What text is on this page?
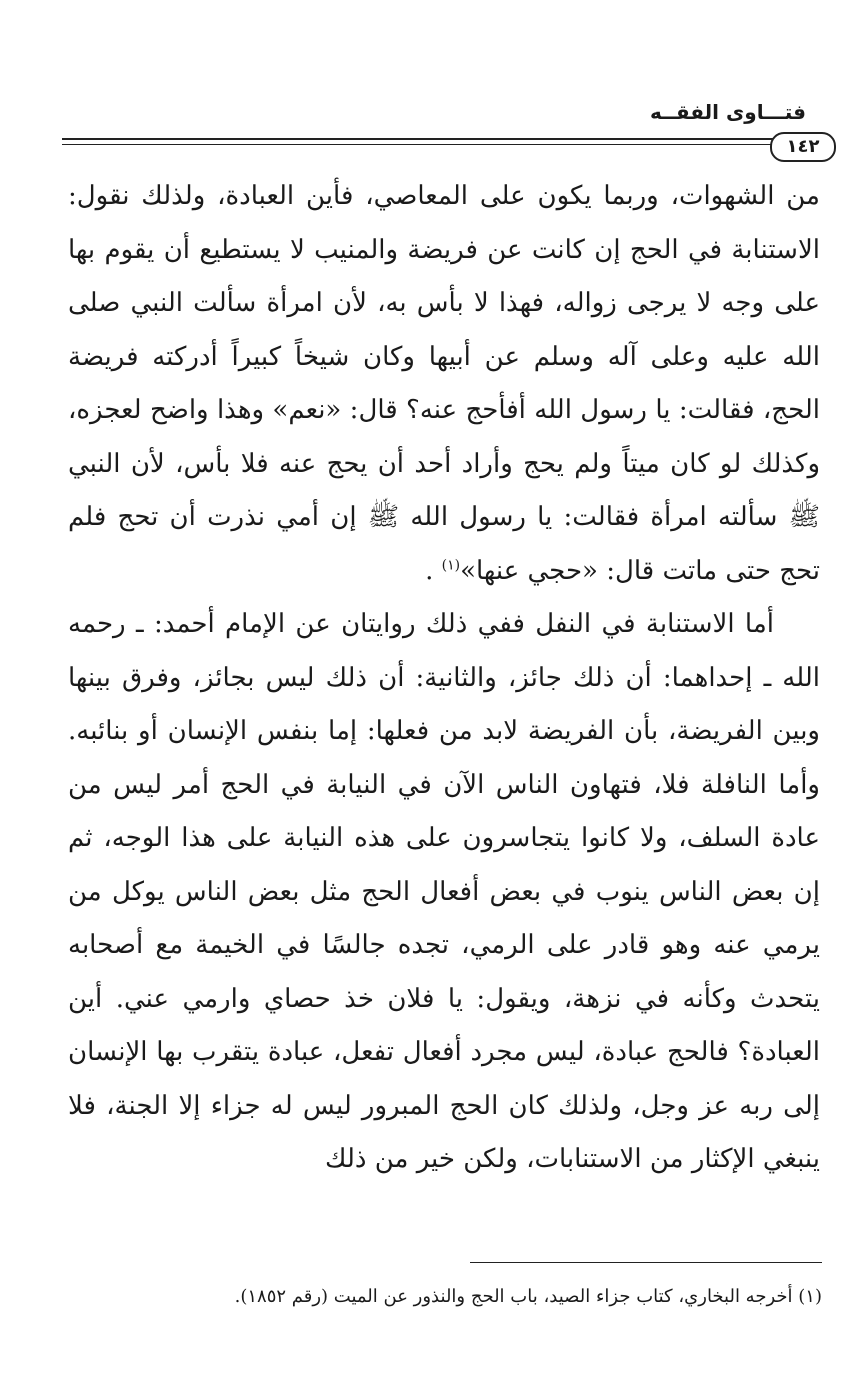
فتـــاوى الفقــه
١٤٢

من الشهوات، وربما يكون على المعاصي، فأين العبادة، ولذلك نقول: الاستنابة في الحج إن كانت عن فريضة والمنيب لا يستطيع أن يقوم بها على وجه لا يرجى زواله، فهذا لا بأس به، لأن امرأة سألت النبي صلى الله عليه وعلى آله وسلم عن أبيها وكان شيخاً كبيراً أدركته فريضة الحج، فقالت: يا رسول الله أفأحج عنه؟ قال: «نعم» وهذا واضح لعجزه، وكذلك لو كان ميتاً ولم يحج وأراد أحد أن يحج عنه فلا بأس، لأن النبي ﷺ سألته امرأة فقالت: يا رسول الله ﷺ إن أمي نذرت أن تحج فلم تحج حتى ماتت قال: «حجي عنها»$^{(١)}$ .

أما الاستنابة في النفل ففي ذلك روايتان عن الإمام أحمد: ـ رحمه الله ـ إحداهما: أن ذلك جائز، والثانية: أن ذلك ليس بجائز، وفرق بينها وبين الفريضة، بأن الفريضة لابد من فعلها: إما بنفس الإنسان أو بنائبه. وأما النافلة فلا، فتهاون الناس الآن في النيابة في الحج أمر ليس من عادة السلف، ولا كانوا يتجاسرون على هذه النيابة على هذا الوجه، ثم إن بعض الناس ينوب في بعض أفعال الحج مثل بعض الناس يوكل من يرمي عنه وهو قادر على الرمي، تجده جالسًا في الخيمة مع أصحابه يتحدث وكأنه في نزهة، ويقول: يا فلان خذ حصاي وارمي عني. أين العبادة؟ فالحج عبادة، ليس مجرد أفعال تفعل، عبادة يتقرب بها الإنسان إلى ربه عز وجل، ولذلك كان الحج المبرور ليس له جزاء إلا الجنة، فلا ينبغي الإكثار من الاستنابات، ولكن خير من ذلك

(١) أخرجه البخاري، كتاب جزاء الصيد، باب الحج والنذور عن الميت (رقم ١٨٥٢).
